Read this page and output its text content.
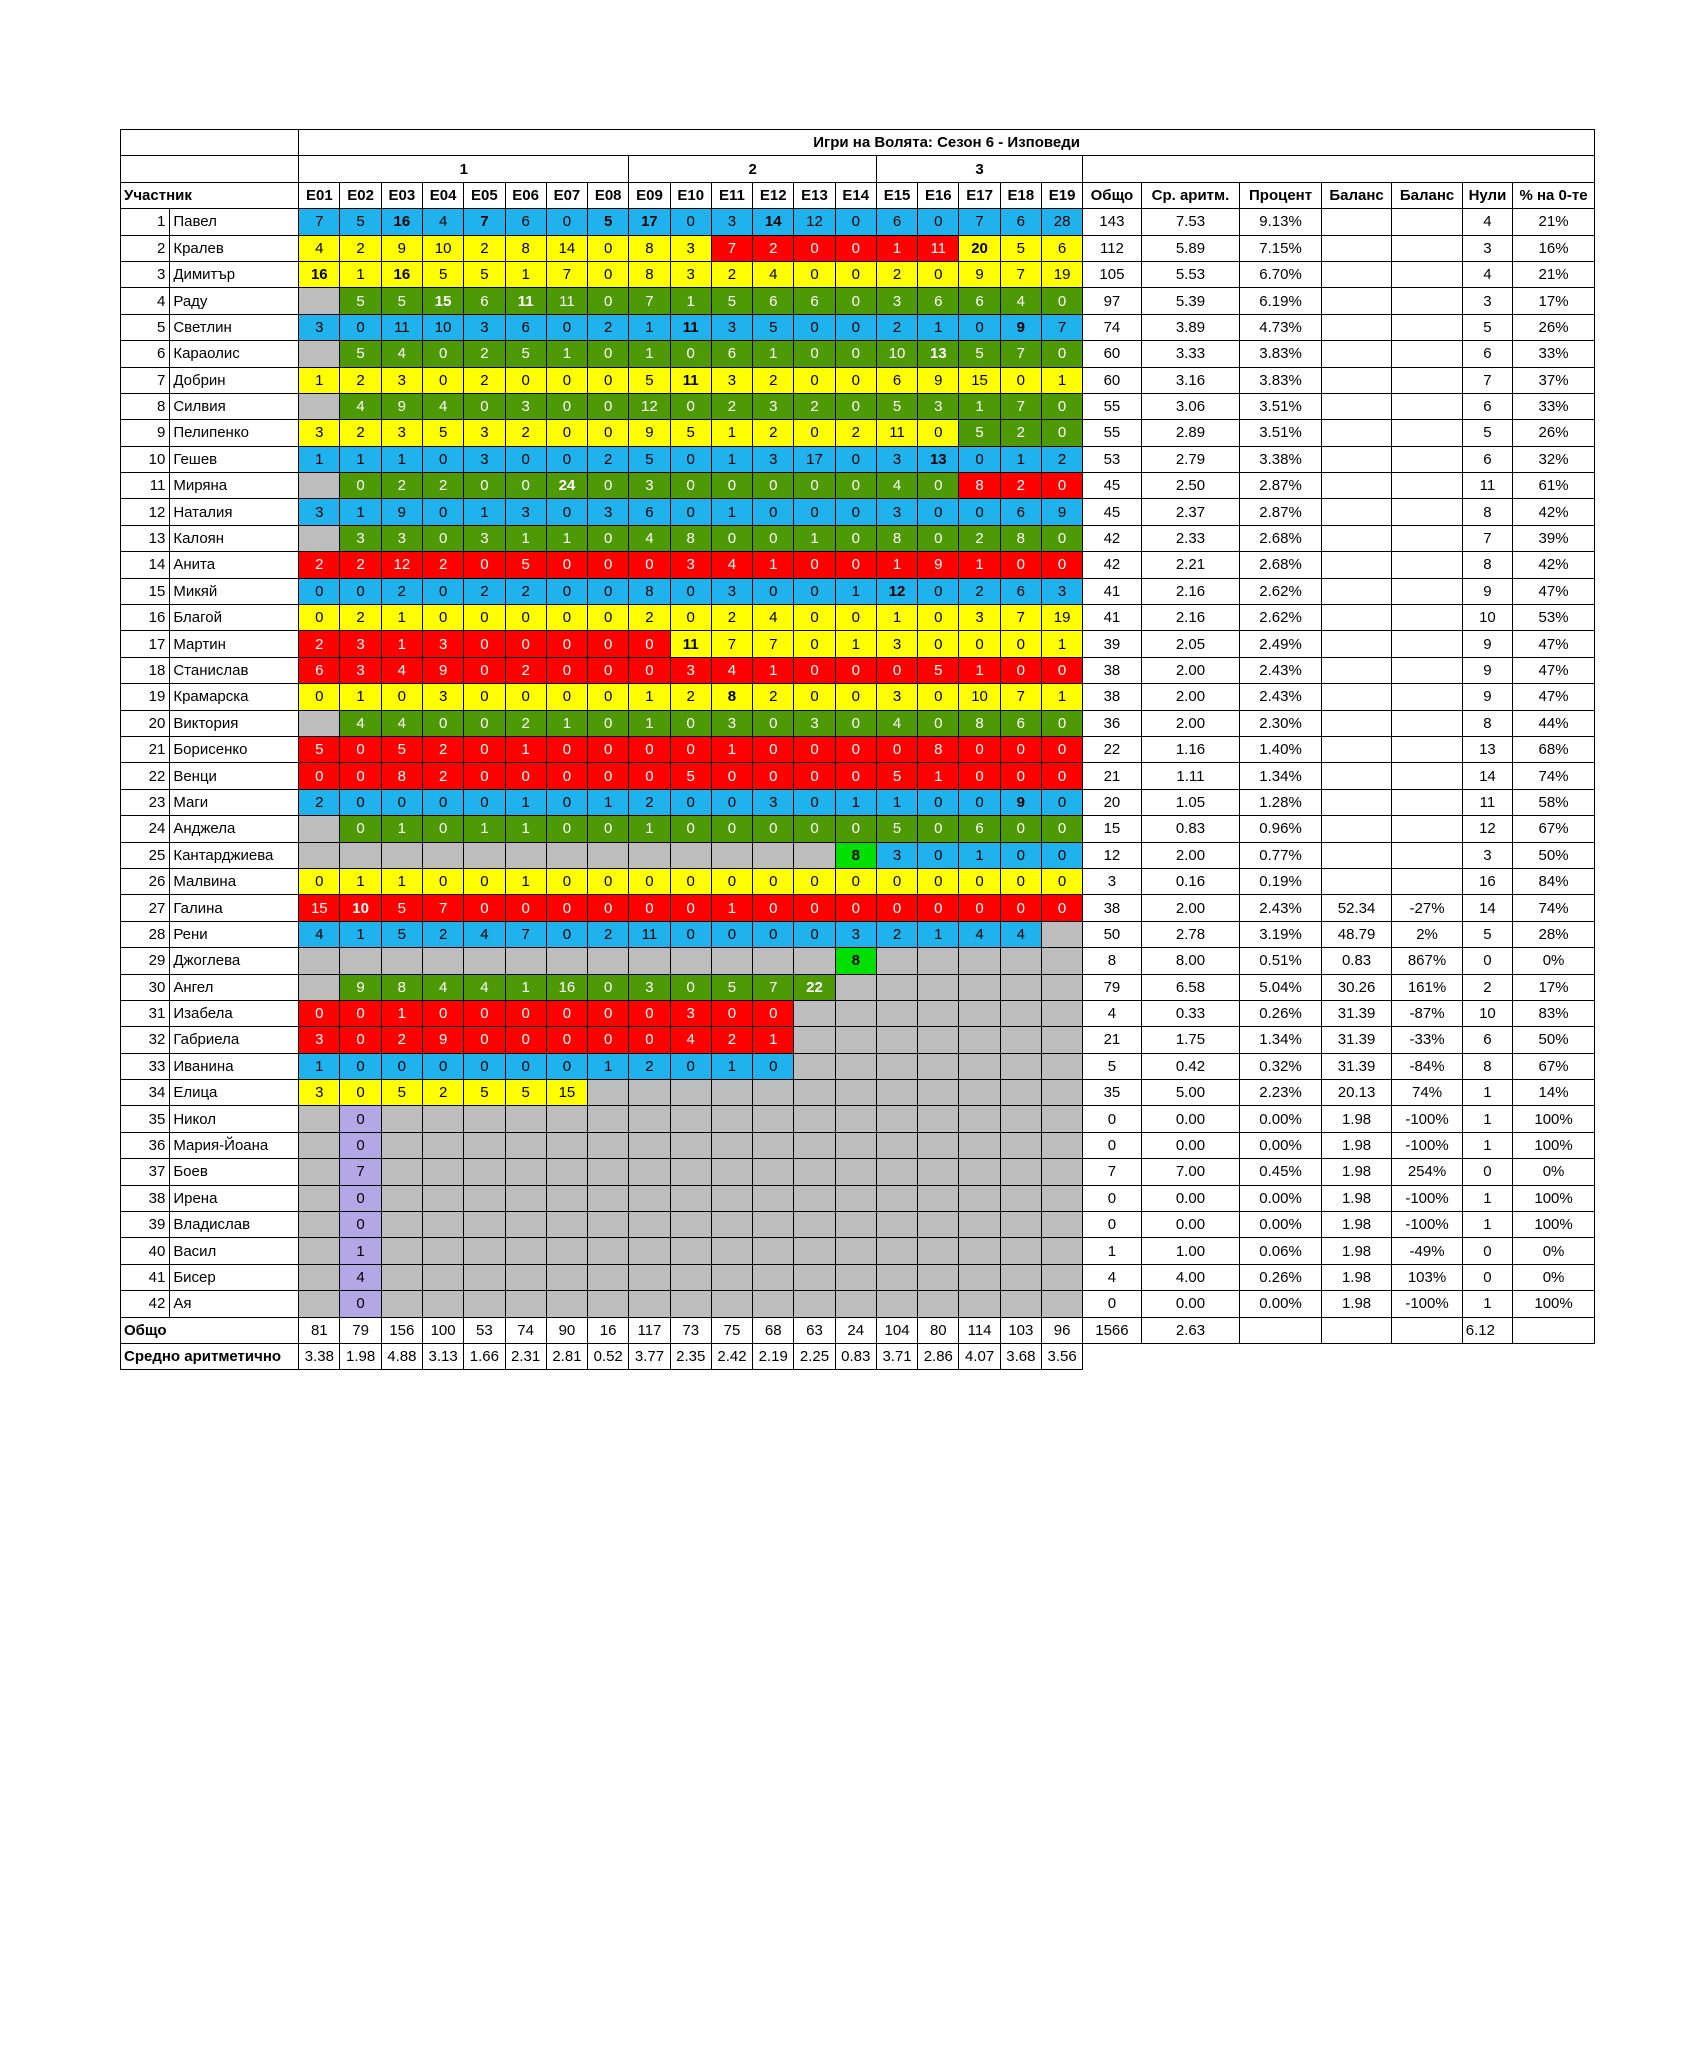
		Игри на Волята: Сезон 6 - Изповеди																									
		1								2						3											
Участник		E01	E02	E03	E04	E05	E06	E07	E08	E09	E10	E11	E12	E13	E14	E15	E16	E17	E18	E19	Общо	Ср. аритм.	Процент	Баланс	Баланс	Нули	% на 0-те
1	Павел	7	5	16	4	7	6	0	5	17	0	3	14	12	0	6	0	7	6	28	143	7.53	9.13%			4	21%
2	Кралев	4	2	9	10	2	8	14	0	8	3	7	2	0	0	1	11	20	5	6	112	5.89	7.15%			3	16%
3	Димитър	16	1	16	5	5	1	7	0	8	3	2	4	0	0	2	0	9	7	19	105	5.53	6.70%			4	21%
4	Раду		5	5	15	6	11	11	0	7	1	5	6	6	0	3	6	6	4	0	97	5.39	6.19%			3	17%
5	Светлин	3	0	11	10	3	6	0	2	1	11	3	5	0	0	2	1	0	9	7	74	3.89	4.73%			5	26%
6	Караолис		5	4	0	2	5	1	0	1	0	6	1	0	0	10	13	5	7	0	60	3.33	3.83%			6	33%
7	Добрин	1	2	3	0	2	0	0	0	5	11	3	2	0	0	6	9	15	0	1	60	3.16	3.83%			7	37%
8	Силвия		4	9	4	0	3	0	0	12	0	2	3	2	0	5	3	1	7	0	55	3.06	3.51%			6	33%
9	Пелипенко	3	2	3	5	3	2	0	0	9	5	1	2	0	2	11	0	5	2	0	55	2.89	3.51%			5	26%
10	Гешев	1	1	1	0	3	0	0	2	5	0	1	3	17	0	3	13	0	1	2	53	2.79	3.38%			6	32%
11	Миряна		0	2	2	0	0	24	0	3	0	0	0	0	0	4	0	8	2	0	45	2.50	2.87%			11	61%
12	Наталия	3	1	9	0	1	3	0	3	6	0	1	0	0	0	3	0	0	6	9	45	2.37	2.87%			8	42%
13	Калоян		3	3	0	3	1	1	0	4	8	0	0	1	0	8	0	2	8	0	42	2.33	2.68%			7	39%
14	Анита	2	2	12	2	0	5	0	0	0	3	4	1	0	0	1	9	1	0	0	42	2.21	2.68%			8	42%
15	Микяй	0	0	2	0	2	2	0	0	8	0	3	0	0	1	12	0	2	6	3	41	2.16	2.62%			9	47%
16	Благой	0	2	1	0	0	0	0	0	2	0	2	4	0	0	1	0	3	7	19	41	2.16	2.62%			10	53%
17	Мартин	2	3	1	3	0	0	0	0	0	11	7	7	0	1	3	0	0	0	1	39	2.05	2.49%			9	47%
18	Станислав	6	3	4	9	0	2	0	0	0	3	4	1	0	0	0	5	1	0	0	38	2.00	2.43%			9	47%
19	Крамарска	0	1	0	3	0	0	0	0	1	2	8	2	0	0	3	0	10	7	1	38	2.00	2.43%			9	47%
20	Виктория		4	4	0	0	2	1	0	1	0	3	0	3	0	4	0	8	6	0	36	2.00	2.30%			8	44%
21	Борисенко	5	0	5	2	0	1	0	0	0	0	1	0	0	0	0	8	0	0	0	22	1.16	1.40%			13	68%
22	Венци	0	0	8	2	0	0	0	0	0	5	0	0	0	0	5	1	0	0	0	21	1.11	1.34%			14	74%
23	Маги	2	0	0	0	0	1	0	1	2	0	0	3	0	1	1	0	0	9	0	20	1.05	1.28%			11	58%
24	Анджела		0	1	0	1	1	0	0	1	0	0	0	0	0	5	0	6	0	0	15	0.83	0.96%			12	67%
25	Кантарджиева														8	3	0	1	0	0	12	2.00	0.77%			3	50%
26	Малвина	0	1	1	0	0	1	0	0	0	0	0	0	0	0	0	0	0	0	0	3	0.16	0.19%			16	84%
27	Галина	15	10	5	7	0	0	0	0	0	0	1	0	0	0	0	0	0	0	0	38	2.00	2.43%	52.34	-27%	14	74%
28	Рени	4	1	5	2	4	7	0	2	11	0	0	0	0	3	2	1	4	4		50	2.78	3.19%	48.79	2%	5	28%
29	Джоглева														8						8	8.00	0.51%	0.83	867%	0	0%
30	Ангел		9	8	4	4	1	16	0	3	0	5	7	22							79	6.58	5.04%	30.26	161%	2	17%
31	Изабела	0	0	1	0	0	0	0	0	0	3	0	0								4	0.33	0.26%	31.39	-87%	10	83%
32	Габриела	3	0	2	9	0	0	0	0	0	4	2	1								21	1.75	1.34%	31.39	-33%	6	50%
33	Иванина	1	0	0	0	0	0	0	1	2	0	1	0								5	0.42	0.32%	31.39	-84%	8	67%
34	Елица	3	0	5	2	5	5	15													35	5.00	2.23%	20.13	74%	1	14%
35	Никол		0																		0	0.00	0.00%	1.98	-100%	1	100%
36	Мария-Йоана		0																		0	0.00	0.00%	1.98	-100%	1	100%
37	Боев		7																		7	7.00	0.45%	1.98	254%	0	0%
38	Ирена		0																		0	0.00	0.00%	1.98	-100%	1	100%
39	Владислав		0																		0	0.00	0.00%	1.98	-100%	1	100%
40	Васил		1																		1	1.00	0.06%	1.98	-49%	0	0%
41	Бисер		4																		4	4.00	0.26%	1.98	103%	0	0%
42	Ая		0																		0	0.00	0.00%	1.98	-100%	1	100%
Общо		81	79	156	100	53	74	90	16	117	73	75	68	63	24	104	80	114	103	96	1566	2.63				6.12	
Средно аритметично		3.38	1.98	4.88	3.13	1.66	2.31	2.81	0.52	3.77	2.35	2.42	2.19	2.25	0.83	3.71	2.86	4.07	3.68	3.56							
